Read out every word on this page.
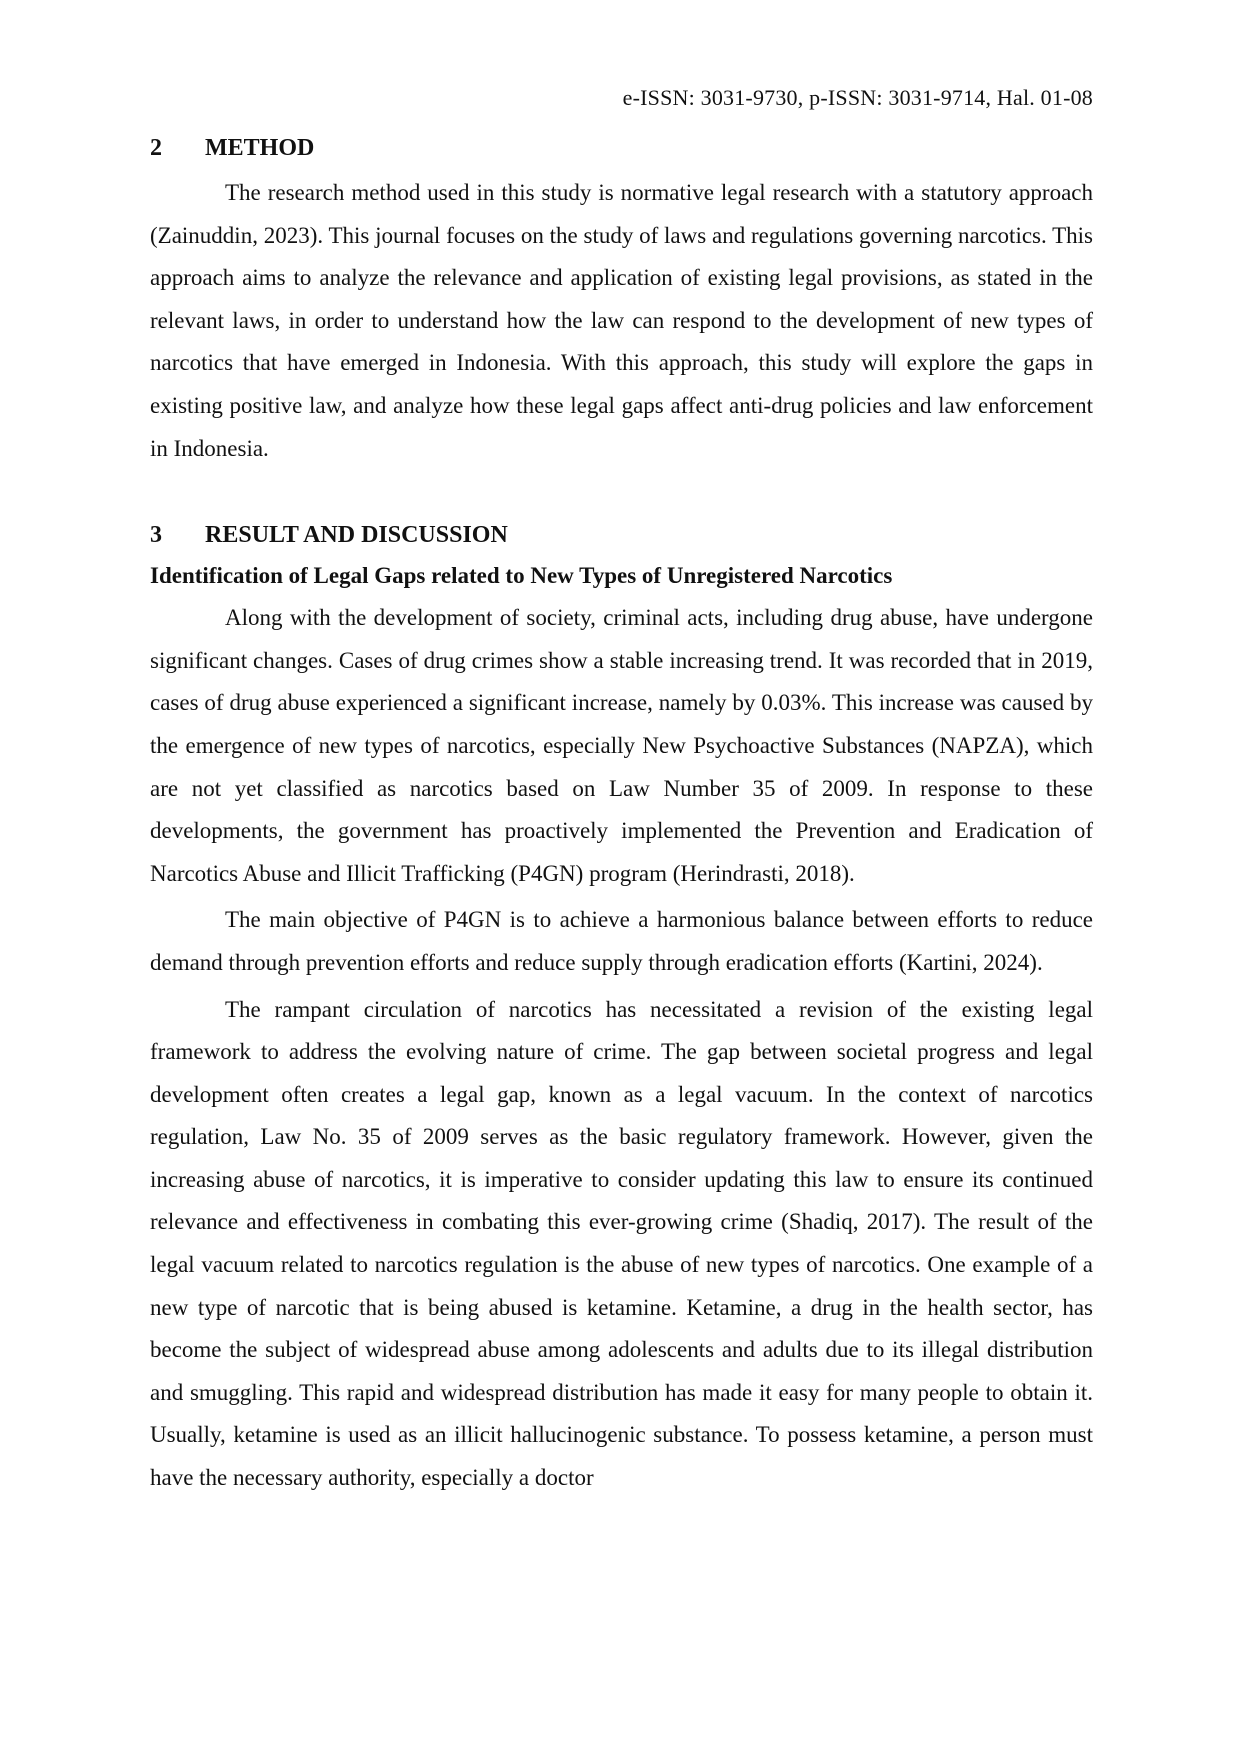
e-ISSN: 3031-9730, p-ISSN: 3031-9714, Hal. 01-08
2	METHOD

The research method used in this study is normative legal research with a statutory approach (Zainuddin, 2023). This journal focuses on the study of laws and regulations governing narcotics. This approach aims to analyze the relevance and application of existing legal provisions, as stated in the relevant laws, in order to understand how the law can respond to the development of new types of narcotics that have emerged in Indonesia. With this approach, this study will explore the gaps in existing positive law, and analyze how these legal gaps affect anti-drug policies and law enforcement in Indonesia.

3	RESULT AND DISCUSSION
Identification of Legal Gaps related to New Types of Unregistered Narcotics

Along with the development of society, criminal acts, including drug abuse, have undergone significant changes. Cases of drug crimes show a stable increasing trend. It was recorded that in 2019, cases of drug abuse experienced a significant increase, namely by 0.03%. This increase was caused by the emergence of new types of narcotics, especially New Psychoactive Substances (NAPZA), which are not yet classified as narcotics based on Law Number 35 of 2009. In response to these developments, the government has proactively implemented the Prevention and Eradication of Narcotics Abuse and Illicit Trafficking (P4GN) program (Herindrasti, 2018).

The main objective of P4GN is to achieve a harmonious balance between efforts to reduce demand through prevention efforts and reduce supply through eradication efforts (Kartini, 2024).

The rampant circulation of narcotics has necessitated a revision of the existing legal framework to address the evolving nature of crime. The gap between societal progress and legal development often creates a legal gap, known as a legal vacuum. In the context of narcotics regulation, Law No. 35 of 2009 serves as the basic regulatory framework. However, given the increasing abuse of narcotics, it is imperative to consider updating this law to ensure its continued relevance and effectiveness in combating this ever-growing crime (Shadiq, 2017). The result of the legal vacuum related to narcotics regulation is the abuse of new types of narcotics. One example of a new type of narcotic that is being abused is ketamine. Ketamine, a drug in the health sector, has become the subject of widespread abuse among adolescents and adults due to its illegal distribution and smuggling. This rapid and widespread distribution has made it easy for many people to obtain it. Usually, ketamine is used as an illicit hallucinogenic substance. To possess ketamine, a person must have the necessary authority, especially a doctor
